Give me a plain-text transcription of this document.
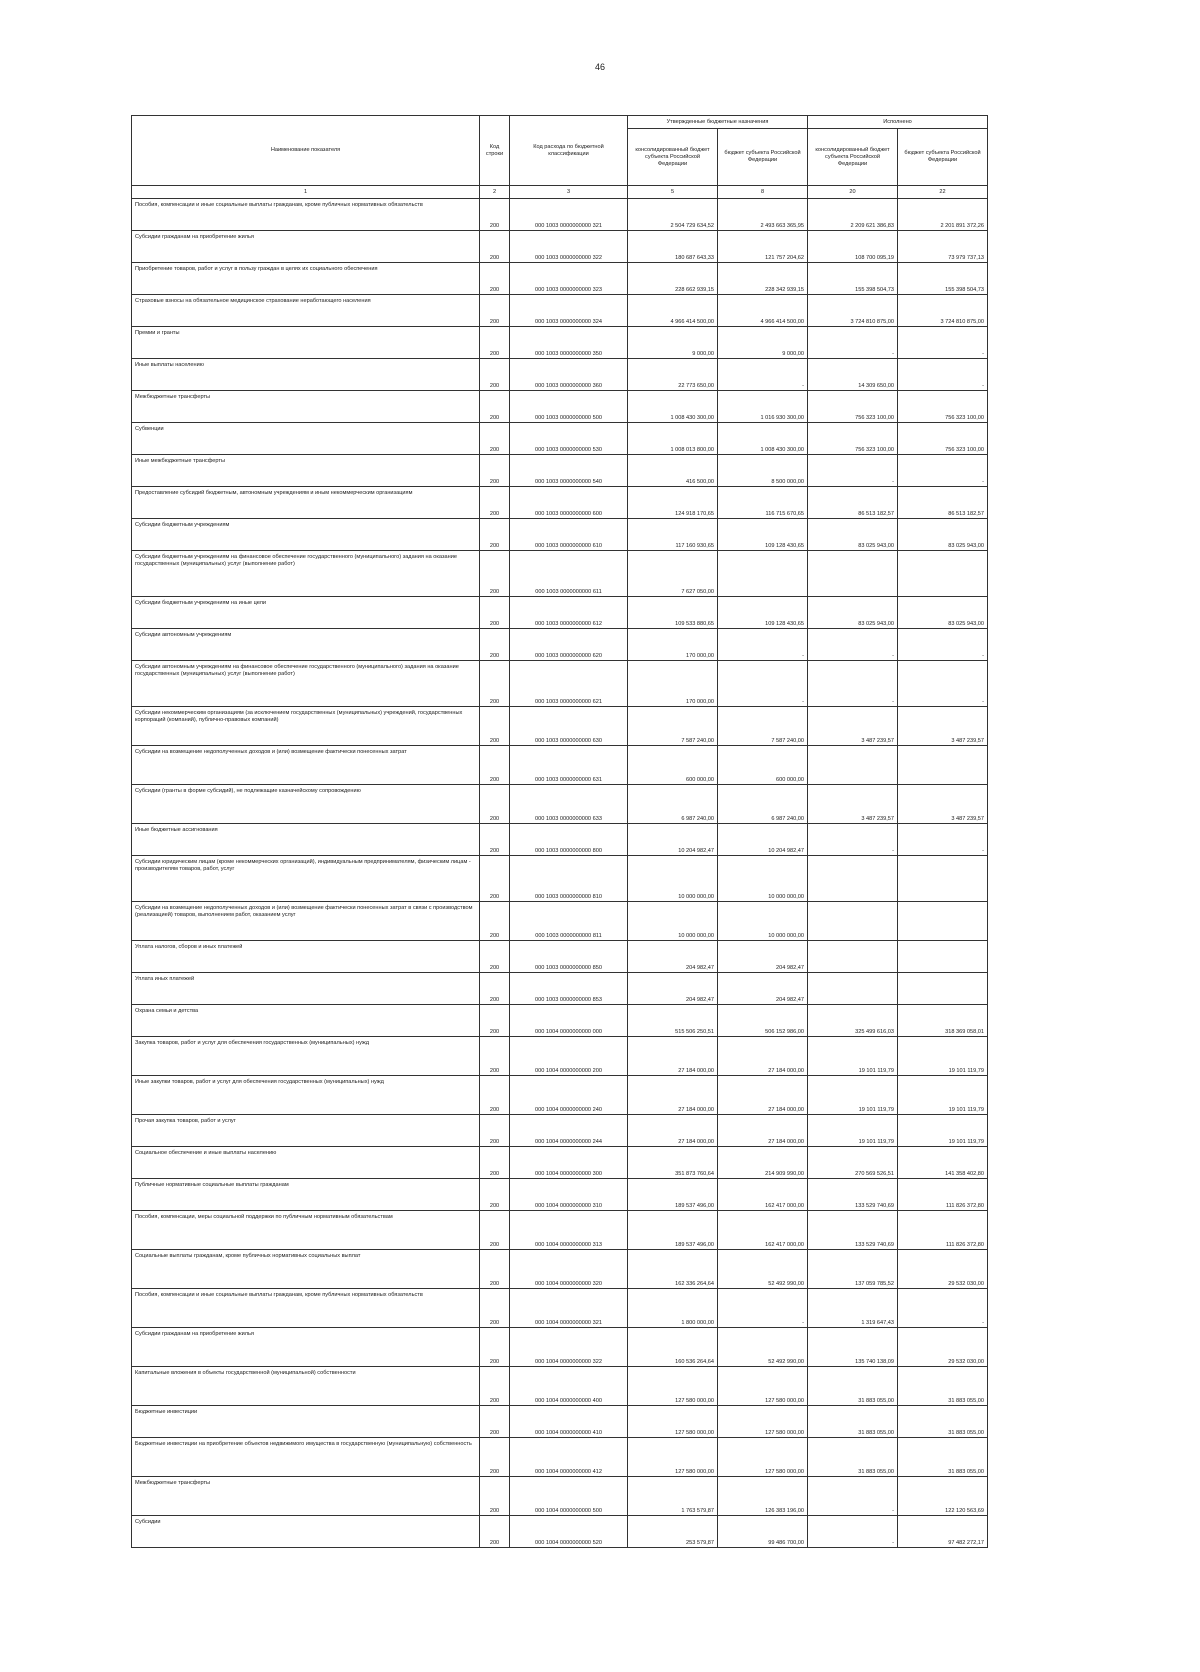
46
Наименование показателя	Код строки	Код расхода по бюджетной классификации	Утвержденные бюджетные назначения		Исполнено	
			консолидированный бюджет субъекта Российской Федерации	бюджет субъекта Российской Федерации	консолидированный бюджет субъекта Российской Федерации	бюджет субъекта Российской Федерации
1	2	3	5	8	20	22
Пособия, компенсации и иные социальные выплаты гражданам, кроме публичных нормативных обязательств	200	000 1003 0000000000 321	2 504 729 634,52	2 493 663 365,95	2 209 621 386,83	2 201 891 372,26
Субсидии гражданам на приобретение жилья	200	000 1003 0000000000 322	180 687 643,33	121 757 204,62	108 700 095,19	73 979 737,13
Приобретение товаров, работ и услуг в пользу граждан в целях их социального обеспечения	200	000 1003 0000000000 323	228 662 939,15	228 342 939,15	155 398 504,73	155 398 504,73
Страховые взносы на обязательное медицинское страхование неработающего населения	200	000 1003 0000000000 324	4 966 414 500,00	4 966 414 500,00	3 724 810 875,00	3 724 810 875,00
Премии и гранты	200	000 1003 0000000000 350	9 000,00	9 000,00	-	-
Иные выплаты населению	200	000 1003 0000000000 360	22 773 650,00	-	14 309 650,00	-
Межбюджетные трансферты	200	000 1003 0000000000 500	1 008 430 300,00	1 016 930 300,00	756 323 100,00	756 323 100,00
Субвенции	200	000 1003 0000000000 530	1 008 013 800,00	1 008 430 300,00	756 323 100,00	756 323 100,00
Иные межбюджетные трансферты	200	000 1003 0000000000 540	416 500,00	8 500 000,00	-	-
Предоставление субсидий бюджетным, автономным учреждениям и иным некоммерческим организациям	200	000 1003 0000000000 600	124 918 170,65	116 715 670,65	86 513 182,57	86 513 182,57
Субсидии бюджетным учреждениям	200	000 1003 0000000000 610	117 160 930,65	109 128 430,65	83 025 943,00	83 025 943,00
Субсидии бюджетным учреждениям на финансовое обеспечение государственного (муниципального) задания на оказание государственных (муниципальных) услуг (выполнение работ)	200	000 1003 0000000000 611	7 627 050,00			
Субсидии бюджетным учреждениям на иные цели	200	000 1003 0000000000 612	109 533 880,65	109 128 430,65	83 025 943,00	83 025 943,00
Субсидии автономным учреждениям	200	000 1003 0000000000 620	170 000,00	-	-	-
Субсидии автономным учреждениям на финансовое обеспечение государственного (муниципального) задания на оказание государственных (муниципальных) услуг (выполнение работ)	200	000 1003 0000000000 621	170 000,00	-	-	-
Субсидии некоммерческим организациям (за исключением государственных (муниципальных) учреждений, государственных корпораций (компаний), публично-правовых компаний)	200	000 1003 0000000000 630	7 587 240,00	7 587 240,00	3 487 239,57	3 487 239,57
Субсидии на возмещение недополученных доходов и (или) возмещение фактически понесенных затрат	200	000 1003 0000000000 631	600 000,00	600 000,00		
Субсидии (гранты в форме субсидий), не подлежащие казначейскому сопровождению	200	000 1003 0000000000 633	6 987 240,00	6 987 240,00	3 487 239,57	3 487 239,57
Иные бюджетные ассигнования	200	000 1003 0000000000 800	10 204 982,47	10 204 982,47	-	-
Субсидии юридическим лицам (кроме некоммерческих организаций), индивидуальным предпринимателям, физическим лицам - производителям товаров, работ, услуг	200	000 1003 0000000000 810	10 000 000,00	10 000 000,00		
Субсидии на возмещение недополученных доходов и (или) возмещение фактически понесенных затрат в связи с производством (реализацией) товаров, выполнением работ, оказанием услуг	200	000 1003 0000000000 811	10 000 000,00	10 000 000,00		
Уплата налогов, сборов и иных платежей	200	000 1003 0000000000 850	204 982,47	204 982,47		
Уплата иных платежей	200	000 1003 0000000000 853	204 982,47	204 982,47		
Охрана семьи и детства	200	000 1004 0000000000 000	515 506 250,51	506 152 986,00	325 499 616,03	318 369 058,01
Закупка товаров, работ и услуг для обеспечения государственных (муниципальных) нужд	200	000 1004 0000000000 200	27 184 000,00	27 184 000,00	19 101 119,79	19 101 119,79
Иные закупки товаров, работ и услуг для обеспечения государственных (муниципальных) нужд	200	000 1004 0000000000 240	27 184 000,00	27 184 000,00	19 101 119,79	19 101 119,79
Прочая закупка товаров, работ и услуг	200	000 1004 0000000000 244	27 184 000,00	27 184 000,00	19 101 119,79	19 101 119,79
Социальное обеспечение и иные выплаты населению	200	000 1004 0000000000 300	351 873 760,64	214 909 990,00	270 569 526,51	141 358 402,80
Публичные нормативные социальные выплаты гражданам	200	000 1004 0000000000 310	189 537 496,00	162 417 000,00	133 529 740,69	111 826 372,80
Пособия, компенсации, меры социальной поддержки по публичным нормативным обязательствам	200	000 1004 0000000000 313	189 537 496,00	162 417 000,00	133 529 740,69	111 826 372,80
Социальные выплаты гражданам, кроме публичных нормативных социальных выплат	200	000 1004 0000000000 320	162 336 264,64	52 492 990,00	137 059 785,52	29 532 030,00
Пособия, компенсации и иные социальные выплаты гражданам, кроме публичных нормативных обязательств	200	000 1004 0000000000 321	1 800 000,00	-	1 319 647,43	-
Субсидии гражданам на приобретение жилья	200	000 1004 0000000000 322	160 536 264,64	52 492 990,00	135 740 138,09	29 532 030,00
Капитальные вложения в объекты государственной (муниципальной) собственности	200	000 1004 0000000000 400	127 580 000,00	127 580 000,00	31 883 055,00	31 883 055,00
Бюджетные инвестиции	200	000 1004 0000000000 410	127 580 000,00	127 580 000,00	31 883 055,00	31 883 055,00
Бюджетные инвестиции на приобретение объектов недвижимого имущества в государственную (муниципальную) собственность	200	000 1004 0000000000 412	127 580 000,00	127 580 000,00	31 883 055,00	31 883 055,00
Межбюджетные трансферты	200	000 1004 0000000000 500	1 763 579,87	126 383 196,00	-	122 120 563,69
Субсидии	200	000 1004 0000000000 520	253 579,87	99 486 700,00	-	97 482 272,17
